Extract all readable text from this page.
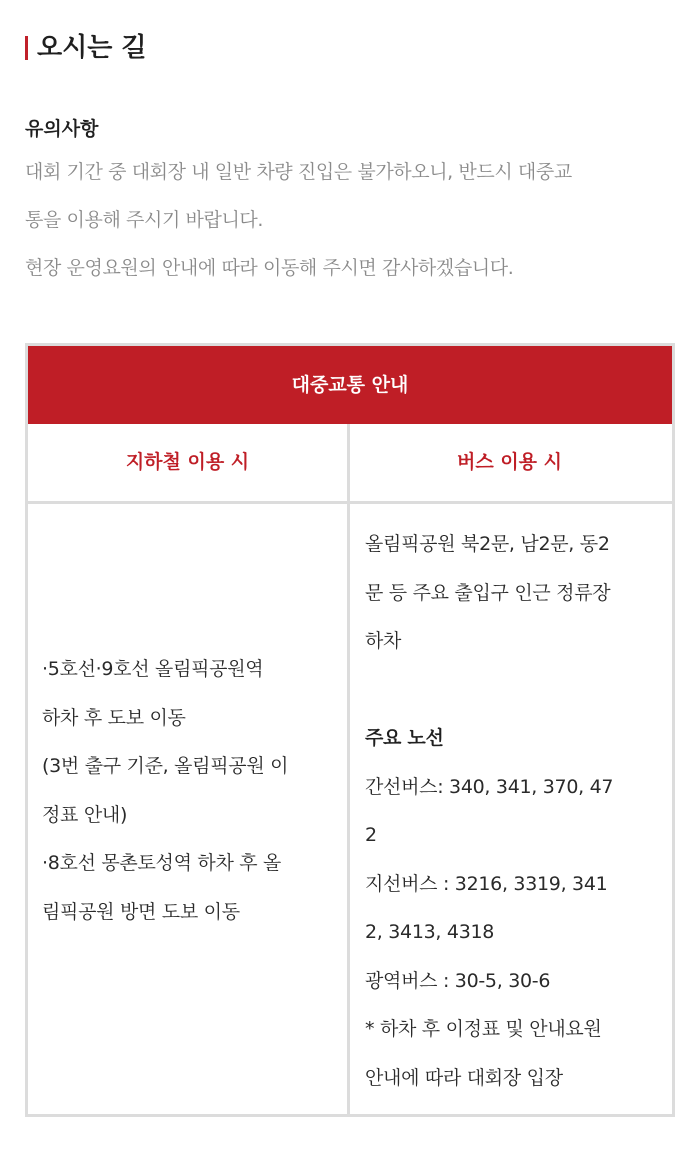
오시는 길
유의사항
대회 기간 중 대회장 내 일반 차량 진입은 불가하오니, 반드시 대중교
통을 이용해 주시기 바랍니다.
현장 운영요원의 안내에 따라 이동해 주시면 감사하겠습니다.
대중교통 안내
지하철 이용 시	버스 이용 시
·5호선·9호선 올림픽공원역
하차 후 도보 이동
(3번 출구 기준, 올림픽공원 이
정표 안내)
·8호선 몽촌토성역 하차 후 올
림픽공원 방면 도보 이동
올림픽공원 북2문, 남2문, 동2
문 등 주요 출입구 인근 정류장
하차
주요 노선
간선버스: 340, 341, 370, 47
2
지선버스 : 3216, 3319, 341
2, 3413, 4318
광역버스 : 30-5, 30-6
* 하차 후 이정표 및 안내요원
안내에 따라 대회장 입장
